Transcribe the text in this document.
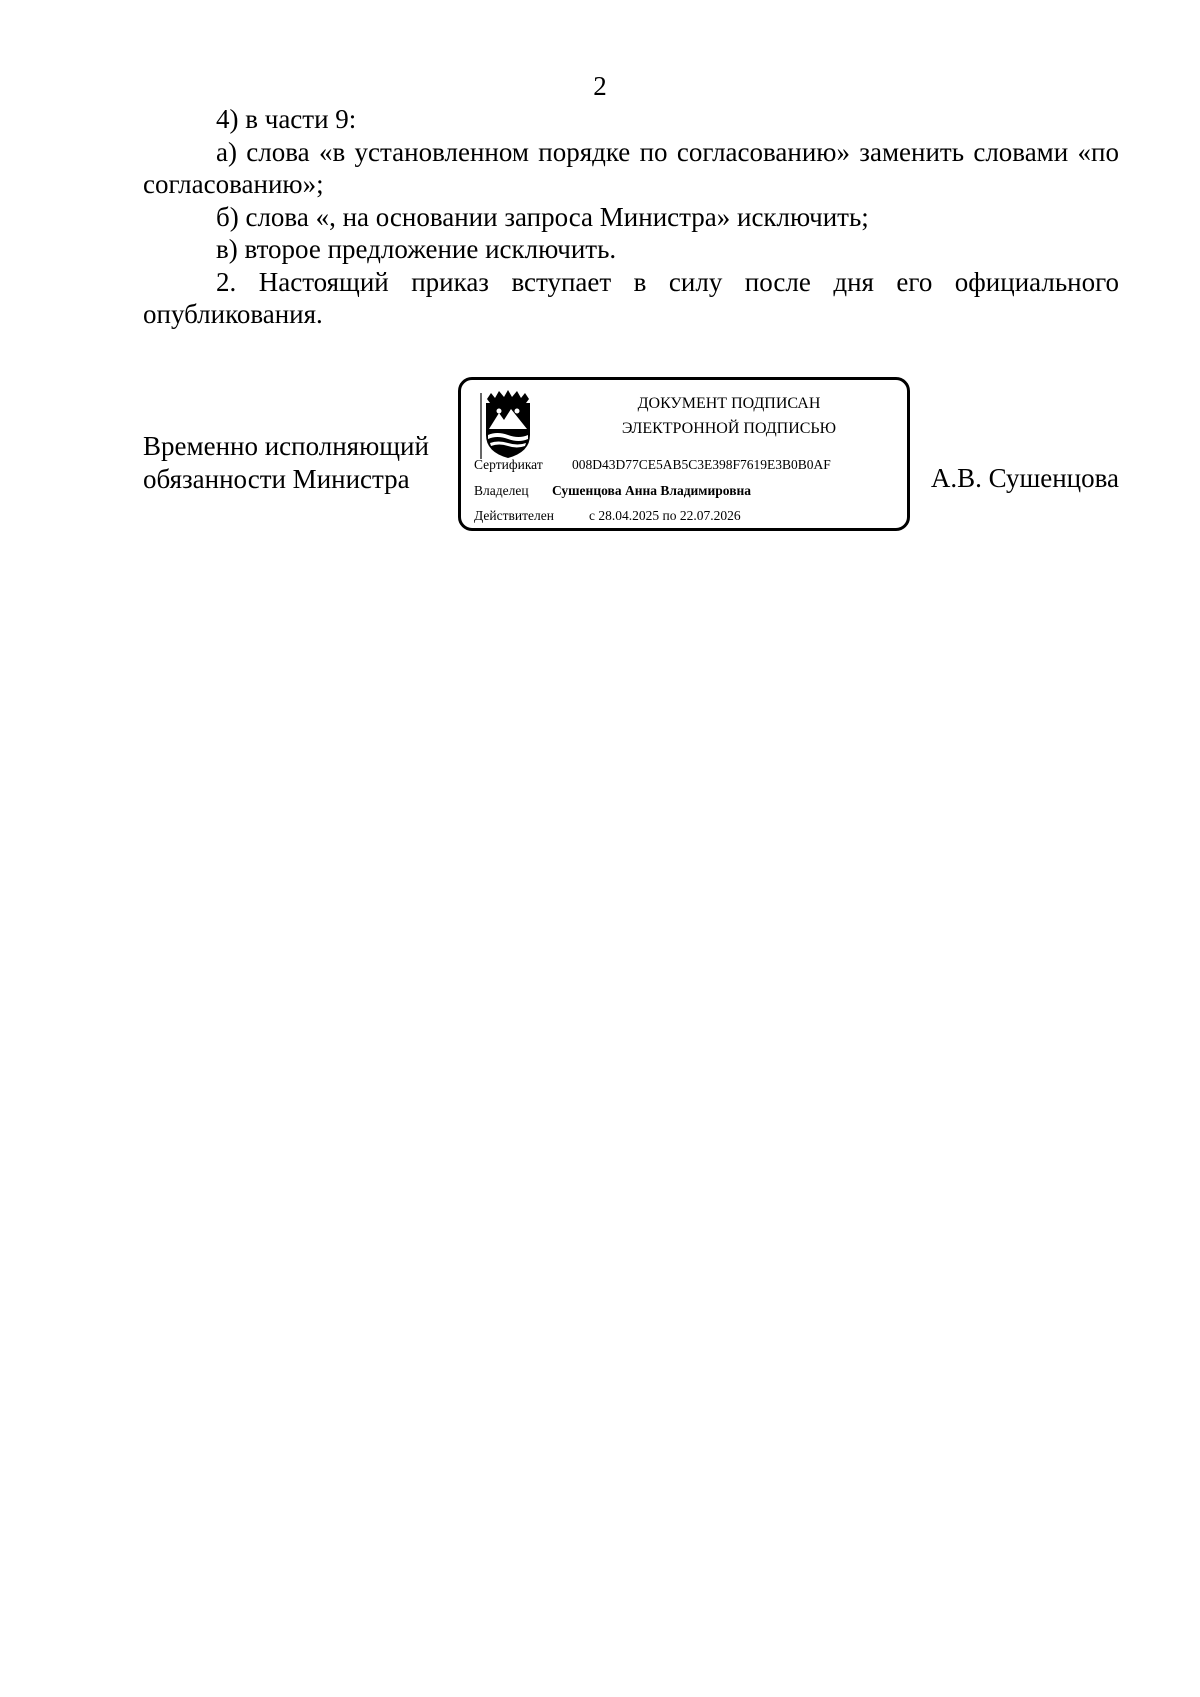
2

4) в части 9:

а) слова «в установленном порядке по согласованию» заменить словами «по согласованию»;

б) слова «, на основании запроса Министра» исключить;

в) второе предложение исключить.

2. Настоящий приказ вступает в силу после дня его официального опубликования.

Временно исполняющий
обязанности Министра	А.В. Сушенцова
ДОКУМЕНТ ПОДПИСАН
ЭЛЕКТРОННОЙ ПОДПИСЬЮ
Сертификат 008D43D77CE5AB5C3E398F7619E3B0B0AF
Владелец Сушенцова Анна Владимировна
Действителен	с 28.04.2025 по 22.07.2026
